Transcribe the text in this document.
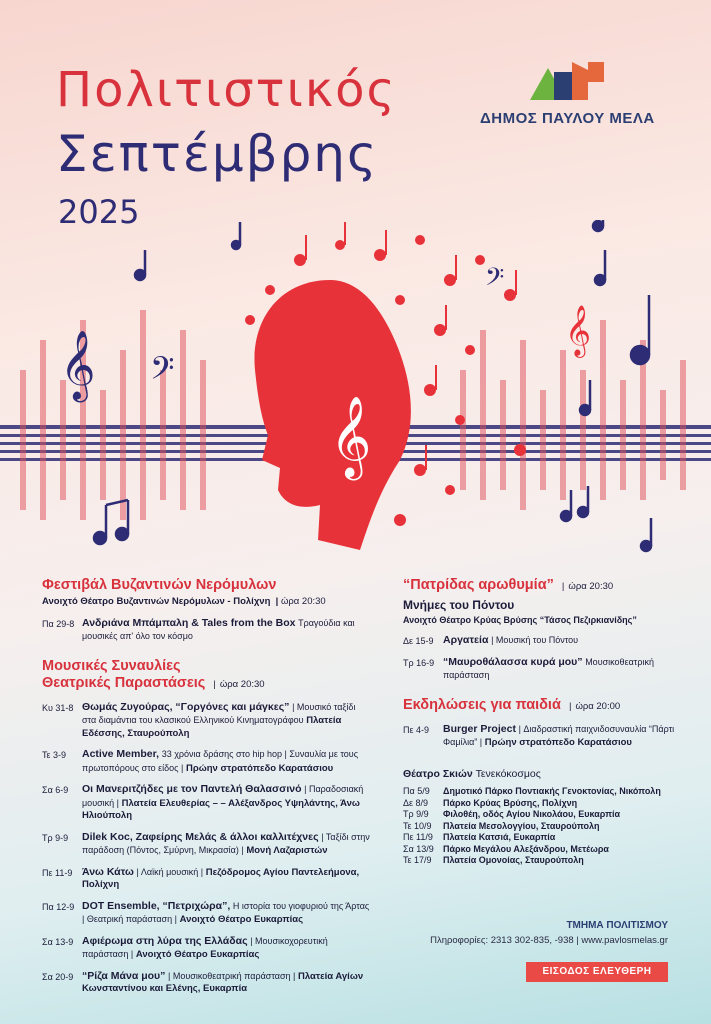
Πολιτιστικός
Σεπτέμβρης
2025
ΔΗΜΟΣ ΠΑΥΛΟΥ ΜΕΛΑ
𝄞 𝄢
𝄞
𝄞
𝄢
Φεστιβάλ Βυζαντινών Νερόμυλων
Ανοιχτό Θέατρο Βυζαντινών Νερόμυλων - Πολίχνη  | ώρα 20:30
Πα 29-8 Ανδριάνα Μπάμπαλη & Tales from the Box Τραγούδια και μουσικές απ' όλο τον κόσμο
Μουσικές Συναυλίες
Θεατρικές Παραστάσεις | ώρα 20:30
Κυ 31-8 Θωμάς Ζυγούρας, “Γοργόνες και μάγκες” | Μουσικό ταξίδι στα διαμάντια του κλασικού Ελληνικού Κινηματογράφου Πλατεία Εδέσσης, Σταυρούπολη
Τε 3-9	Active Member, 33 χρόνια δράσης στο hip hop | Συναυλία με τους πρωτοπόρους στο είδος | Πρώην στρατόπεδο Καρατάσιου
Σα 6-9	Οι Μανεριτζήδες με τον Παντελή Θαλασσινό | Παραδοσιακή μουσική | Πλατεία Ελευθερίας – – Αλέξανδρος Υψηλάντης, Άνω Ηλιούπολη
Τρ 9-9	Dilek Koc, Ζαφείρης Μελάς & άλλοι καλλιτέχνες | Ταξίδι στην παράδοση (Πόντος, Σμύρνη, Μικρασία) | Μονή Λαζαριστών
Πε 11-9 Άνω Κάτω | Λαϊκή μουσική | Πεζόδρομος Αγίου Παντελεήμονα, Πολίχνη
Πα 12-9 DOT Ensemble, “Πετριχώρα”, Η ιστορία του γιοφυριού της Άρτας | Θεατρική παράσταση | Ανοιχτό Θέατρο Ευκαρπίας
Σα 13-9 Αφιέρωμα στη λύρα της Ελλάδας | Μουσικοχορευτική παράσταση | Ανοιχτό Θέατρο Ευκαρπίας
Σα 20-9 “Ρίζα Μάνα μου” | Μουσικοθεατρική παράσταση | Πλατεία Αγίων Κωνσταντίνου και Ελένης, Ευκαρπία
“Πατρίδας αρωθυμία” | ώρα 20:30
Μνήμες του Πόντου
Ανοιχτό Θέατρο Κρύας Βρύσης “Τάσος Πεζιρκιανίδης”
Δε 15-9 Αργατεία | Μουσική του Πόντου
Τρ 16-9 “Μαυροθάλασσα κυρά μου” Μουσικοθεατρική παράσταση
Εκδηλώσεις για παιδιά | ώρα 20:00
Πε 4-9	Burger Project | Διαδραστική παιχνιδοσυναυλία “Πάρτι Φαμίλια” | Πρώην στρατόπεδο Καρατάσιου
Θέατρο Σκιών Τενεκόκοσμος
Πα 5/9	Δημοτικό Πάρκο Ποντιακής Γενοκτονίας, Νικόπολη
Δε 8/9	Πάρκο Κρύας Βρύσης, Πολίχνη
Τρ 9/9	Φιλοθέη, οδός Αγίου Νικολάου, Ευκαρπία
Τε 10/9	Πλατεία Μεσολογγίου, Σταυρούπολη
Πε 11/9	Πλατεία Κατσιά, Ευκαρπία
Σα 13/9	Πάρκο Μεγάλου Αλεξάνδρου, Μετέωρα
Τε 17/9	Πλατεία Ομονοίας, Σταυρούπολη
ΤΜΗΜΑ ΠΟΛΙΤΙΣΜΟΥ
Πληροφορίες: 2313 302-835, -938 | www.pavlosmelas.gr
ΕΙΣΟΔΟΣ ΕΛΕΥΘΕΡΗ
